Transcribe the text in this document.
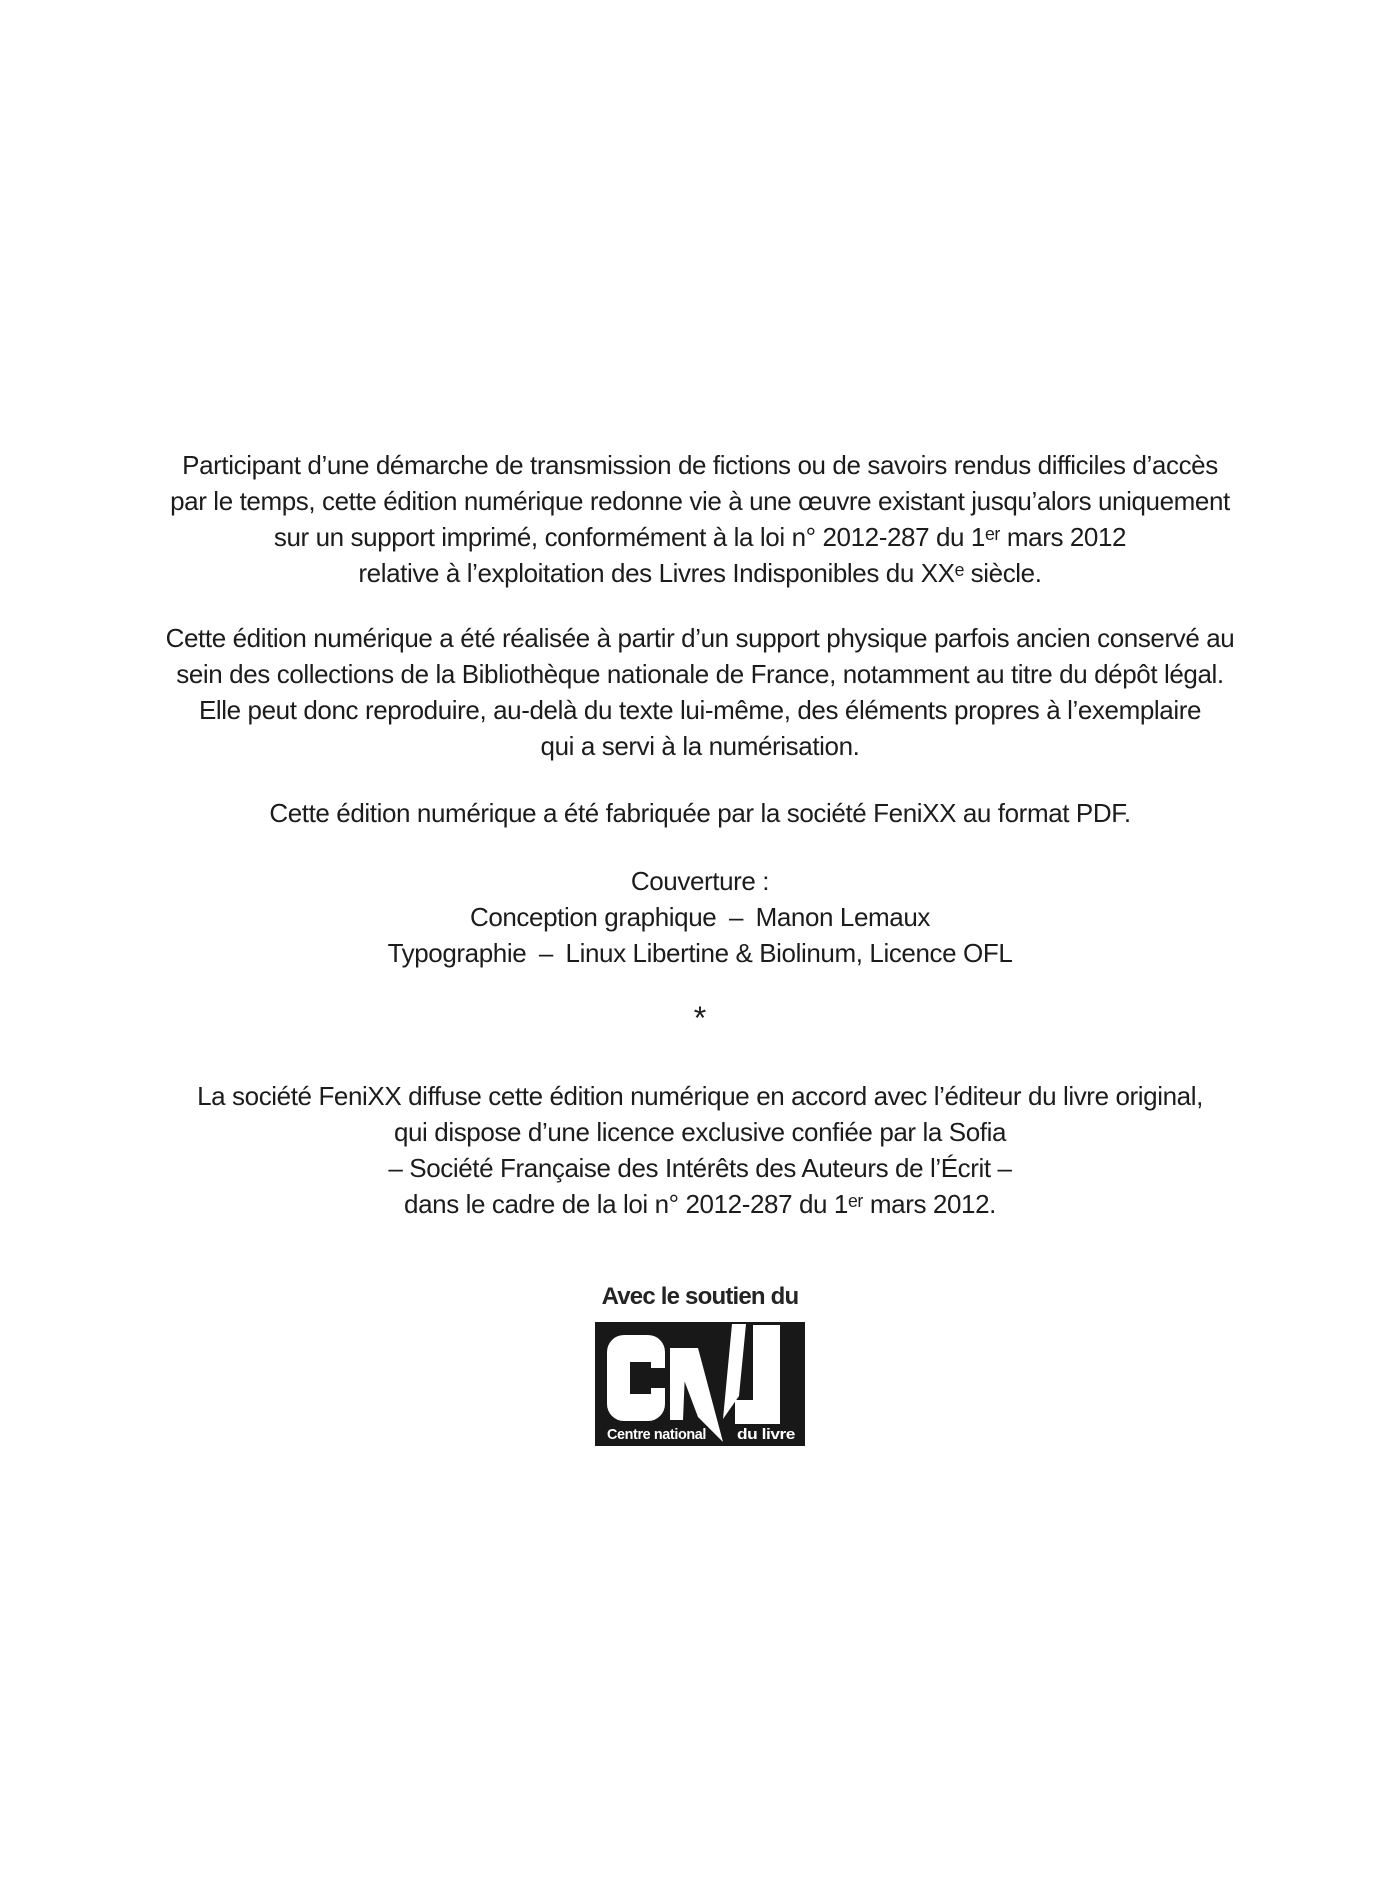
Participant d’une démarche de transmission de fictions ou de savoirs rendus difficiles d’accès
par le temps, cette édition numérique redonne vie à une œuvre existant jusqu’alors uniquement
sur un support imprimé, conformément à la loi n° 2012-287 du 1ᵉʳ mars 2012
relative à l’exploitation des Livres Indisponibles du XXᵉ siècle.
Cette édition numérique a été réalisée à partir d’un support physique parfois ancien conservé au
sein des collections de la Bibliothèque nationale de France, notamment au titre du dépôt légal.
Elle peut donc reproduire, au-delà du texte lui-même, des éléments propres à l’exemplaire
qui a servi à la numérisation.
Cette édition numérique a été fabriquée par la société FeniXX au format PDF.
Couverture :
Conception graphique – Manon Lemaux
Typographie – Linux Libertine & Biolinum, Licence OFL
*
La société FeniXX diffuse cette édition numérique en accord avec l’éditeur du livre original,
qui dispose d’une licence exclusive confiée par la Sofia
– Société Française des Intérêts des Auteurs de l’Écrit –
dans le cadre de la loi n° 2012-287 du 1ᵉʳ mars 2012.
Avec le soutien du
Centre national du livre
